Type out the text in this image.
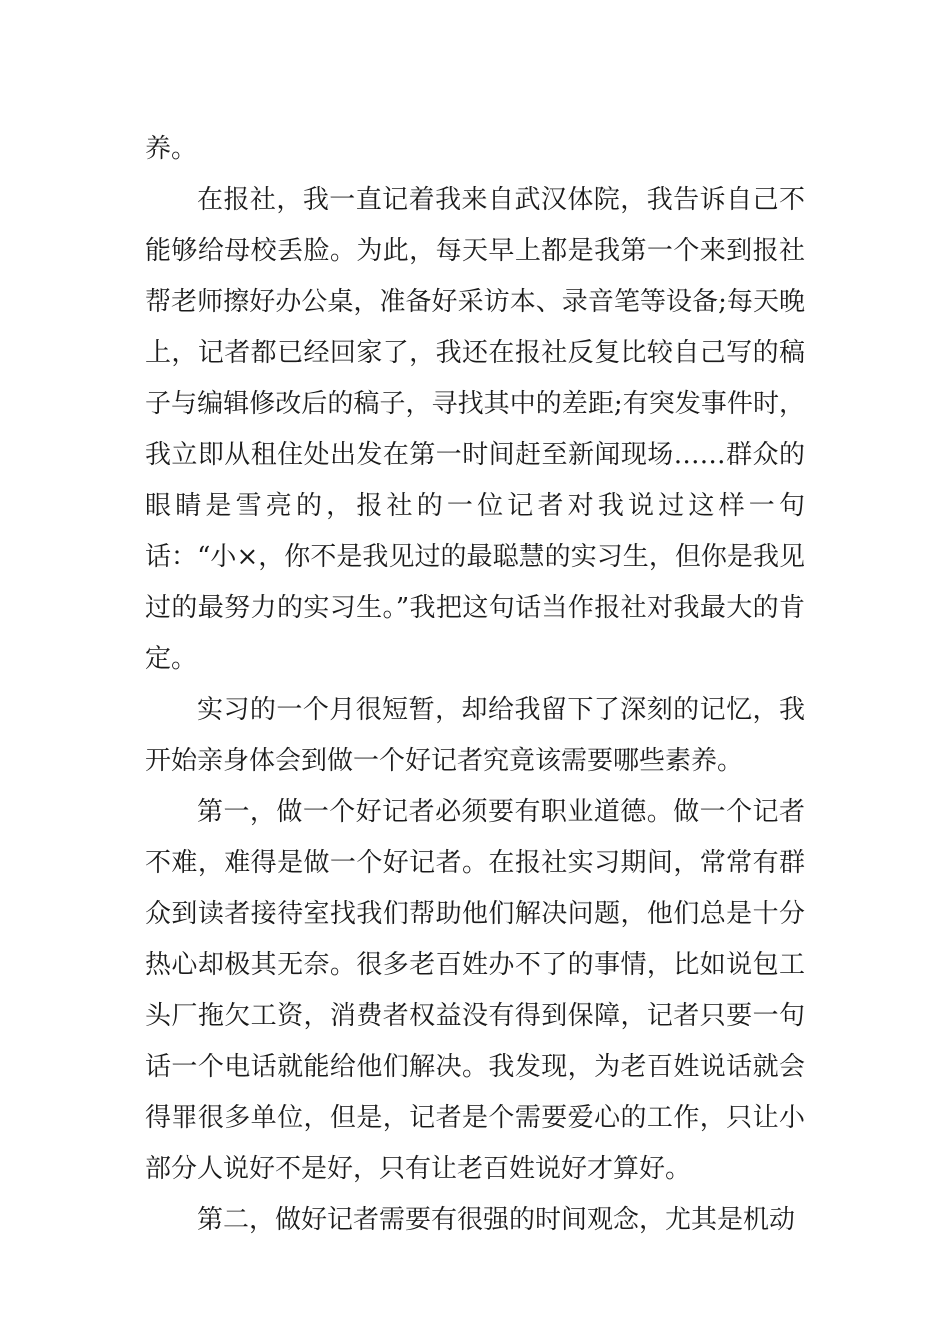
养。

在报社，我一直记着我来自武汉体院，我告诉自己不能够给母校丢脸。为此，每天早上都是我第一个来到报社帮老师擦好办公桌，准备好采访本、录音笔等设备;每天晚上，记者都已经回家了，我还在报社反复比较自己写的稿子与编辑修改后的稿子，寻找其中的差距;有突发事件时，我立即从租住处出发在第一时间赶至新闻现场……群众的眼睛是雪亮的，报社的一位记者对我说过这样一句话：“小×，你不是我见过的最聪慧的实习生，但你是我见过的最努力的实习生。”我把这句话当作报社对我最大的肯定。

实习的一个月很短暂，却给我留下了深刻的记忆，我开始亲身体会到做一个好记者究竟该需要哪些素养。

第一，做一个好记者必须要有职业道德。做一个记者不难，难得是做一个好记者。在报社实习期间，常常有群众到读者接待室找我们帮助他们解决问题，他们总是十分热心却极其无奈。很多老百姓办不了的事情，比如说包工头厂拖欠工资，消费者权益没有得到保障，记者只要一句话一个电话就能给他们解决。我发现，为老百姓说话就会得罪很多单位，但是，记者是个需要爱心的工作，只让小部分人说好不是好，只有让老百姓说好才算好。

第二，做好记者需要有很强的时间观念，尤其是机动
